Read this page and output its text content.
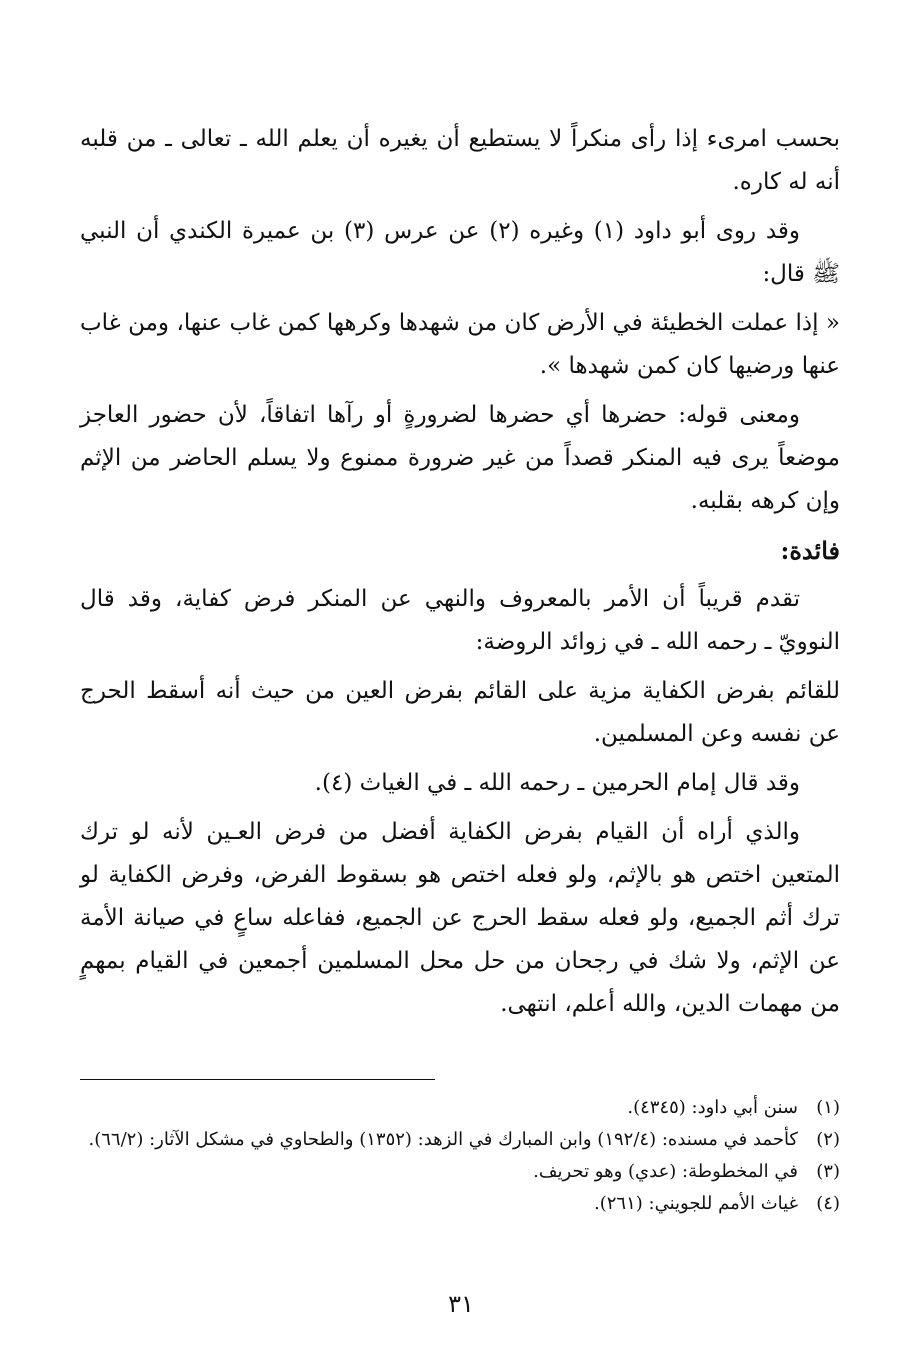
بحسب امرىء إذا رأى منكراً لا يستطيع أن يغيره أن يعلم الله ـ تعالى ـ من قلبه أنه له كاره.

وقد روى أبو داود (١) وغيره (٢) عن عرس (٣) بن عميرة الكندي أن النبي ﷺ قال:

« إذا عملت الخطيئة في الأرض كان من شهدها وكرهها كمن غاب عنها، ومن غاب عنها ورضيها كان كمن شهدها ».

ومعنى قوله: حضرها أي حضرها لضرورةٍ أو رآها اتفاقاً، لأن حضور العاجز موضعاً يرى فيه المنكر قصداً من غير ضرورة ممنوع ولا يسلم الحاضر من الإثم وإن كرهه بقلبه.

فائدة:

تقدم قريباً أن الأمر بالمعروف والنهي عن المنكر فرض كفاية، وقد قال النوويّ ـ رحمه الله ـ في زوائد الروضة:

للقائم بفرض الكفاية مزية على القائم بفرض العين من حيث أنه أسقط الحرج عن نفسه وعن المسلمين.

وقد قال إمام الحرمين ـ رحمه الله ـ في الغياث (٤).

والذي أراه أن القيام بفرض الكفاية أفضل من فرض العـين لأنه لو ترك المتعين اختص هو بالإثم، ولو فعله اختص هو بسقوط الفرض، وفرض الكفاية لو ترك أثم الجميع، ولو فعله سقط الحرج عن الجميع، ففاعله ساعٍ في صيانة الأمة عن الإثم، ولا شك في رجحان من حل محل المسلمين أجمعين في القيام بمهمٍ من مهمات الدين، والله أعلم، انتهى.

(١)
سنن أبي داود: (٤٣٤٥).

(٢)
كأحمد في مسنده: (١٩٢/٤) وابن المبارك في الزهد: (١٣٥٢) والطحاوي في مشكل الآثار: (٦٦/٢).

(٣)
في المخطوطة: (عدي) وهو تحريف.

(٤)
غياث الأمم للجويني: (٢٦١).

٣١
